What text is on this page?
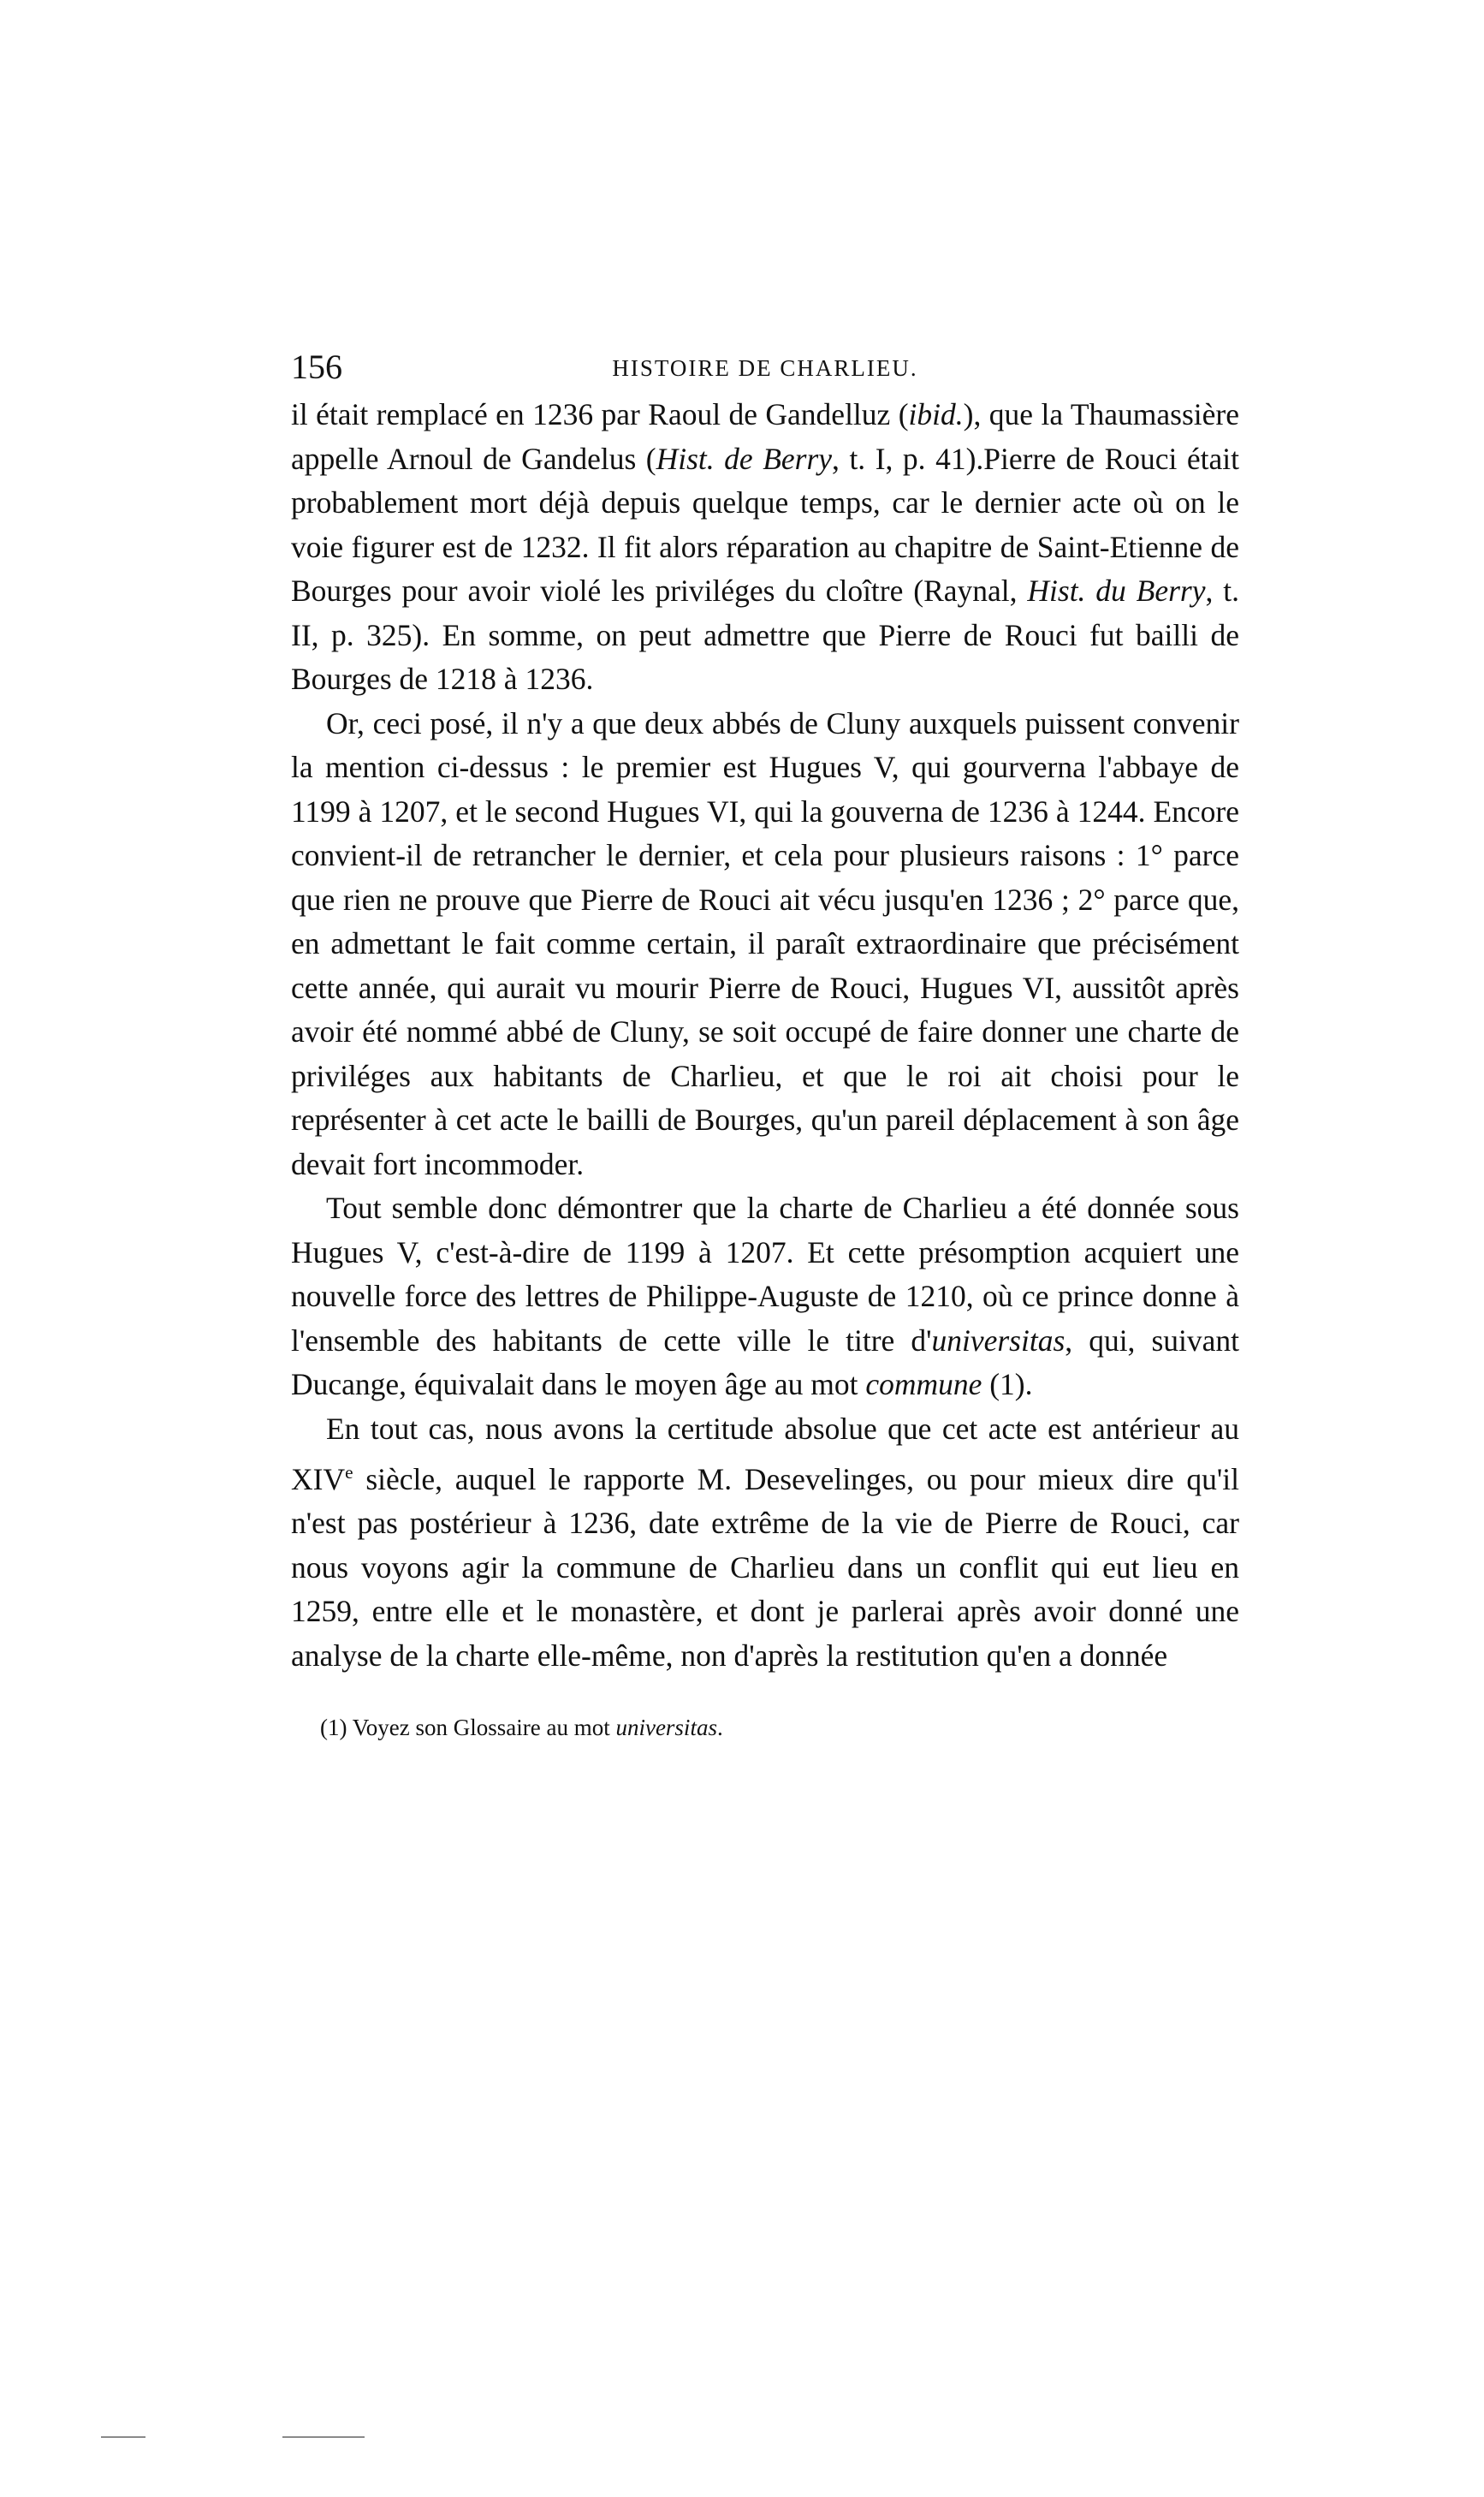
156	HISTOIRE DE CHARLIEU.

il était remplacé en 1236 par Raoul de Gandelluz (ibid.), que la Thaumassière appelle Arnoul de Gandelus (Hist. de Berry, t. I, p. 41).Pierre de Rouci était probablement mort déjà depuis quelque temps, car le dernier acte où on le voie figurer est de 1232. Il fit alors réparation au chapitre de Saint-Etienne de Bourges pour avoir violé les priviléges du cloître (Raynal, Hist. du Berry, t. II, p. 325). En somme, on peut admettre que Pierre de Rouci fut bailli de Bourges de 1218 à 1236.

Or, ceci posé, il n'y a que deux abbés de Cluny auxquels puissent convenir la mention ci-dessus : le premier est Hugues V, qui gourverna l'abbaye de 1199 à 1207, et le second Hugues VI, qui la gouverna de 1236 à 1244. Encore convient-il de retrancher le dernier, et cela pour plusieurs raisons : 1° parce que rien ne prouve que Pierre de Rouci ait vécu jusqu'en 1236 ; 2° parce que, en admettant le fait comme certain, il paraît extraordinaire que précisément cette année, qui aurait vu mourir Pierre de Rouci, Hugues VI, aussitôt après avoir été nommé abbé de Cluny, se soit occupé de faire donner une charte de priviléges aux habitants de Charlieu, et que le roi ait choisi pour le représenter à cet acte le bailli de Bourges, qu'un pareil déplacement à son âge devait fort incommoder.

Tout semble donc démontrer que la charte de Charlieu a été donnée sous Hugues V, c'est-à-dire de 1199 à 1207. Et cette présomption acquiert une nouvelle force des lettres de Philippe-Auguste de 1210, où ce prince donne à l'ensemble des habitants de cette ville le titre d'universitas, qui, suivant Ducange, équivalait dans le moyen âge au mot commune (1).

En tout cas, nous avons la certitude absolue que cet acte est antérieur au XIVe siècle, auquel le rapporte M. Desevelinges, ou pour mieux dire qu'il n'est pas postérieur à 1236, date extrême de la vie de Pierre de Rouci, car nous voyons agir la commune de Charlieu dans un conflit qui eut lieu en 1259, entre elle et le monastère, et dont je parlerai après avoir donné une analyse de la charte elle-même, non d'après la restitution qu'en a donnée

(1) Voyez son Glossaire au mot universitas.
